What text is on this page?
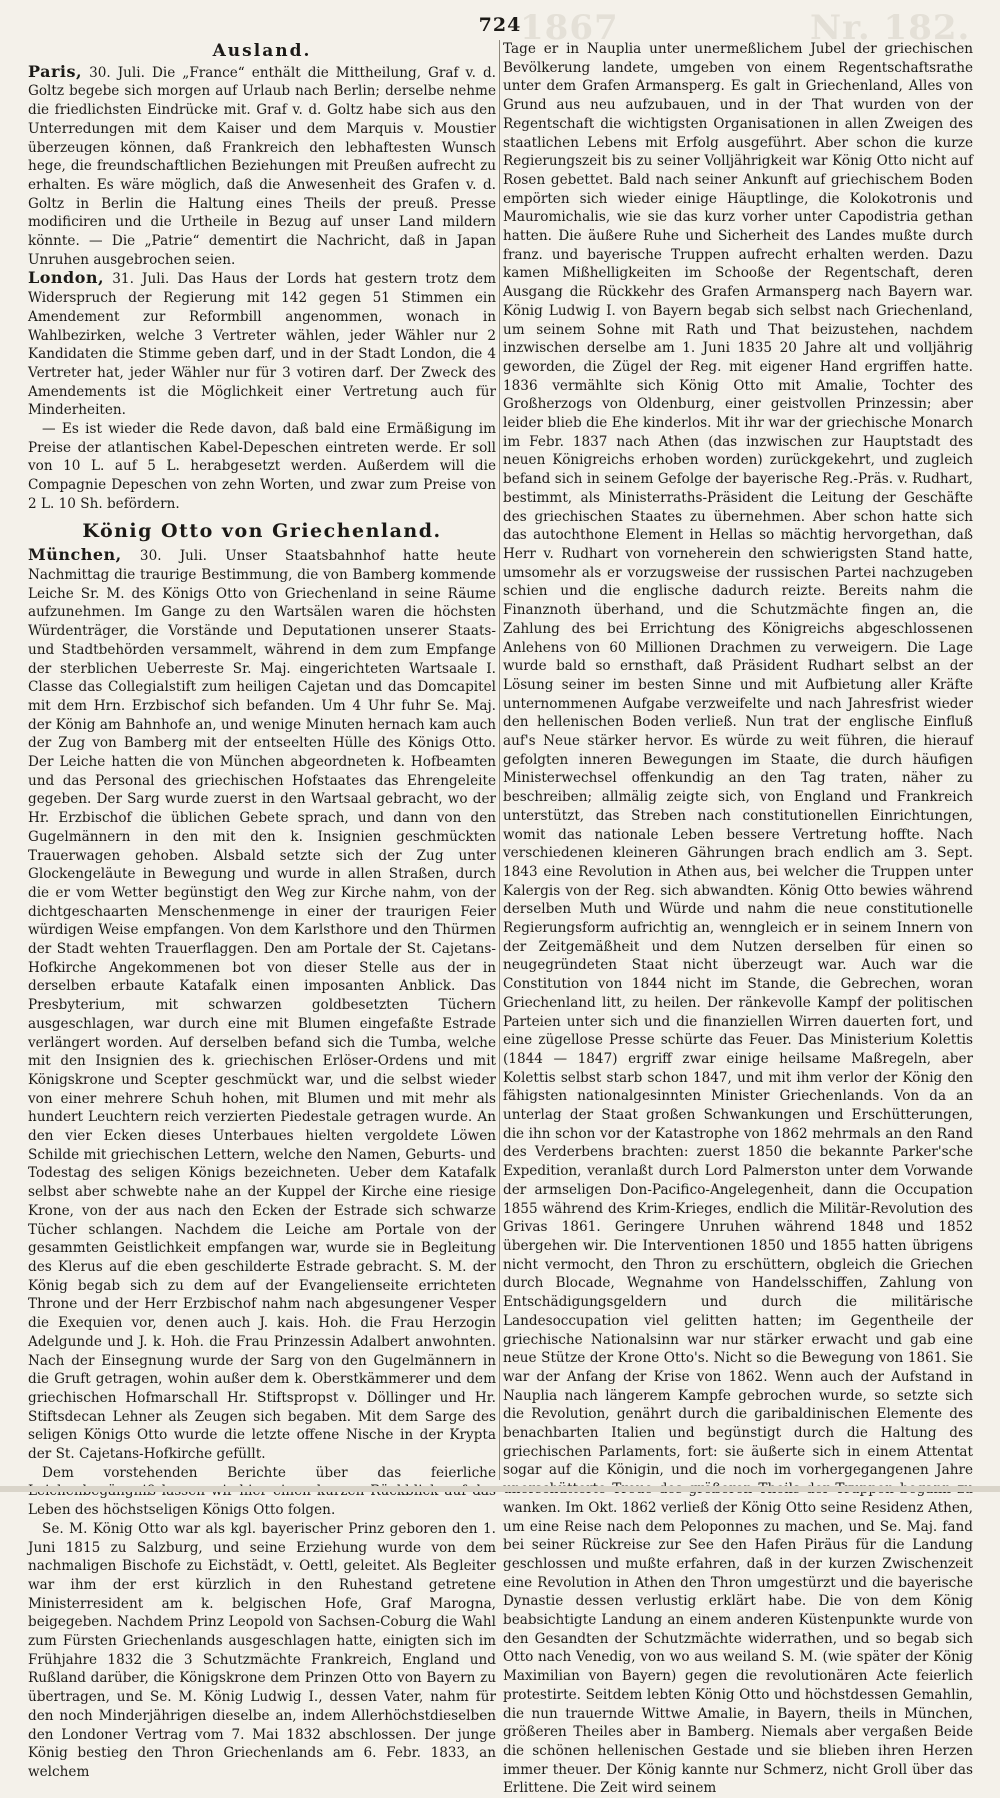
1867	Nr. 182.
724
Ausland.

Paris, 30. Juli. Die „France“ enthält die Mittheilung, Graf v. d. Goltz begebe sich morgen auf Urlaub nach Berlin; derselbe nehme die friedlichsten Eindrücke mit. Graf v. d. Goltz habe sich aus den Unterredungen mit dem Kaiser und dem Marquis v. Moustier überzeugen können, daß Frankreich den lebhaftesten Wunsch hege, die freundschaftlichen Beziehungen mit Preußen aufrecht zu erhalten. Es wäre möglich, daß die Anwesenheit des Grafen v. d. Goltz in Berlin die Haltung eines Theils der preuß. Presse modificiren und die Urtheile in Bezug auf unser Land mildern könnte. — Die „Patrie“ dementirt die Nachricht, daß in Japan Unruhen ausgebrochen seien.

London, 31. Juli. Das Haus der Lords hat gestern trotz dem Widerspruch der Regierung mit 142 gegen 51 Stimmen ein Amendement zur Reformbill angenommen, wonach in Wahlbezirken, welche 3 Vertreter wählen, jeder Wähler nur 2 Kandidaten die Stimme geben darf, und in der Stadt London, die 4 Vertreter hat, jeder Wähler nur für 3 votiren darf. Der Zweck des Amendements ist die Möglichkeit einer Vertretung auch für Minderheiten.

— Es ist wieder die Rede davon, daß bald eine Ermäßigung im Preise der atlantischen Kabel-Depeschen eintreten werde. Er soll von 10 L. auf 5 L. herabgesetzt werden. Außerdem will die Compagnie Depeschen von zehn Worten, und zwar zum Preise von 2 L. 10 Sh. befördern.

König Otto von Griechenland.

München, 30. Juli. Unser Staatsbahnhof hatte heute Nachmittag die traurige Bestimmung, die von Bamberg kommende Leiche Sr. M. des Königs Otto von Griechenland in seine Räume aufzunehmen. Im Gange zu den Wartsälen waren die höchsten Würdenträger, die Vorstände und Deputationen unserer Staats- und Stadtbehörden versammelt, während in dem zum Empfange der sterblichen Ueberreste Sr. Maj. eingerichteten Wartsaale I. Classe das Collegialstift zum heiligen Cajetan und das Domcapitel mit dem Hrn. Erzbischof sich befanden. Um 4 Uhr fuhr Se. Maj. der König am Bahnhofe an, und wenige Minuten hernach kam auch der Zug von Bamberg mit der entseelten Hülle des Königs Otto. Der Leiche hatten die von München abgeordneten k. Hofbeamten und das Personal des griechischen Hofstaates das Ehrengeleite gegeben. Der Sarg wurde zuerst in den Wartsaal gebracht, wo der Hr. Erzbischof die üblichen Gebete sprach, und dann von den Gugelmännern in den mit den k. Insignien geschmückten Trauerwagen gehoben. Alsbald setzte sich der Zug unter Glockengeläute in Bewegung und wurde in allen Straßen, durch die er vom Wetter begünstigt den Weg zur Kirche nahm, von der dichtgeschaarten Menschenmenge in einer der traurigen Feier würdigen Weise empfangen. Von dem Karlsthore und den Thürmen der Stadt wehten Trauerflaggen. Den am Portale der St. Cajetans-Hofkirche Angekommenen bot von dieser Stelle aus der in derselben erbaute Katafalk einen imposanten Anblick. Das Presbyterium, mit schwarzen goldbesetzten Tüchern ausgeschlagen, war durch eine mit Blumen eingefaßte Estrade verlängert worden. Auf derselben befand sich die Tumba, welche mit den Insignien des k. griechischen Erlöser-Ordens und mit Königskrone und Scepter geschmückt war, und die selbst wieder von einer mehrere Schuh hohen, mit Blumen und mit mehr als hundert Leuchtern reich verzierten Piedestale getragen wurde. An den vier Ecken dieses Unterbaues hielten vergoldete Löwen Schilde mit griechischen Lettern, welche den Namen, Geburts- und Todestag des seligen Königs bezeichneten. Ueber dem Katafalk selbst aber schwebte nahe an der Kuppel der Kirche eine riesige Krone, von der aus nach den Ecken der Estrade sich schwarze Tücher schlangen. Nachdem die Leiche am Portale von der gesammten Geistlichkeit empfangen war, wurde sie in Begleitung des Klerus auf die eben geschilderte Estrade gebracht. S. M. der König begab sich zu dem auf der Evangelienseite errichteten Throne und der Herr Erzbischof nahm nach abgesungener Vesper die Exequien vor, denen auch J. kais. Hoh. die Frau Herzogin Adelgunde und J. k. Hoh. die Frau Prinzessin Adalbert anwohnten. Nach der Einsegnung wurde der Sarg von den Gugelmännern in die Gruft getragen, wohin außer dem k. Oberstkämmerer und dem griechischen Hofmarschall Hr. Stiftspropst v. Döllinger und Hr. Stiftsdecan Lehner als Zeugen sich begaben. Mit dem Sarge des seligen Königs Otto wurde die letzte offene Nische in der Krypta der St. Cajetans-Hofkirche gefüllt.

Dem vorstehenden Berichte über das feierliche Leben des höchstseligen Königs Otto folgen.

Se. M. König Otto war als kgl. bayerischer Prinz geboren den 1. Juni 1815 zu Salzburg, und seine Erziehung wurde von dem nachmaligen Bischofe zu Eichstädt, v. Oettl, geleitet. Als Begleiter war ihm der erst kürzlich in den Ruhestand getretene Ministerresident am k. belgischen Hofe, Graf Marogna, beigegeben. Nachdem Prinz Leopold von Sachsen-Coburg die Wahl zum Fürsten Griechenlands ausgeschlagen hatte, einigten sich im Frühjahre 1832 die 3 Schutzmächte Frankreich, England und Rußland darüber, die Königskrone dem Prinzen Otto von Bayern zu übertragen, und Se. M. König Ludwig I., dessen Vater, nahm für den noch Minderjährigen dieselbe an, indem Allerhöchstdieselben den Londoner Vertrag vom 7. Mai 1832 abschlossen. Der junge König bestieg den Thron Griechenlands am 6. Febr. 1833, an welchem

Tage er in Nauplia unter unermeßlichem Jubel der griechischen Bevölkerung landete, umgeben von einem Regentschaftsrathe unter dem Grafen Armansperg. Es galt in Griechenland, Alles von Grund aus neu aufzubauen, und in der That wurden von der Regentschaft die wichtigsten Organisationen in allen Zweigen des staatlichen Lebens mit Erfolg ausgeführt. Aber schon die kurze Regierungszeit bis zu seiner Volljährigkeit war König Otto nicht auf Rosen gebettet. Bald nach seiner Ankunft auf griechischem Boden empörten sich wieder einige Häuptlinge, die Kolokotronis und Mauromichalis, wie sie das kurz vorher unter Capodistria gethan hatten. Die äußere Ruhe und Sicherheit des Landes mußte durch franz. und bayerische Truppen aufrecht erhalten werden. Dazu kamen Mißhelligkeiten im Schooße der Regentschaft, deren Ausgang die Rückkehr des Grafen Armansperg nach Bayern war. König Ludwig I. von Bayern begab sich selbst nach Griechenland, um seinem Sohne mit Rath und That beizustehen, nachdem inzwischen derselbe am 1. Juni 1835 20 Jahre alt und volljährig geworden, die Zügel der Reg. mit eigener Hand ergriffen hatte. 1836 vermählte sich König Otto mit Amalie, Tochter des Großherzogs von Oldenburg, einer geistvollen Prinzessin; aber leider blieb die Ehe kinderlos. Mit ihr war der griechische Monarch im Febr. 1837 nach Athen (das inzwischen zur Hauptstadt des neuen Königreichs erhoben worden) zurückgekehrt, und zugleich befand sich in seinem Gefolge der bayerische Reg.-Präs. v. Rudhart, bestimmt, als Ministerraths-Präsident die Leitung der Geschäfte des griechischen Staates zu übernehmen. Aber schon hatte sich das autochthone Element in Hellas so mächtig hervorgethan, daß Herr v. Rudhart von vorneherein den schwierigsten Stand hatte, umsomehr als er vorzugsweise der russischen Partei nachzugeben schien und die englische dadurch reizte. Bereits nahm die Finanznoth überhand, und die Schutzmächte fingen an, die Zahlung des bei Errichtung des Königreichs abgeschlossenen Anlehens von 60 Millionen Drachmen zu verweigern. Die Lage wurde bald so ernsthaft, daß Präsident Rudhart selbst an der Lösung seiner im besten Sinne und mit Aufbietung aller Kräfte unternommenen Aufgabe verzweifelte und nach Jahresfrist wieder den hellenischen Boden verließ. Nun trat der englische Einfluß auf's Neue stärker hervor. Es würde zu weit führen, die hierauf gefolgten inneren Bewegungen im Staate, die durch häufigen Ministerwechsel offenkundig an den Tag traten, näher zu beschreiben; allmälig zeigte sich, von England und Frankreich unterstützt, das Streben nach constitutionellen Einrichtungen, womit das nationale Leben bessere Vertretung hoffte. Nach verschiedenen kleineren Gährungen brach endlich am 3. Sept. 1843 eine Revolution in Athen aus, bei welcher die Truppen unter Kalergis von der Reg. sich abwandten. König Otto bewies während derselben Muth und Würde und nahm die neue constitutionelle Regierungsform aufrichtig an, wenngleich er in seinem Innern von der Zeitgemäßheit und dem Nutzen derselben für einen so neugegründeten Staat nicht überzeugt war. Auch war die Constitution von 1844 nicht im Stande, die Gebrechen, woran Griechenland litt, zu heilen. Der ränkevolle Kampf der politischen Parteien unter sich und die finanziellen Wirren dauerten fort, und eine zügellose Presse schürte das Feuer. Das Ministerium Kolettis (1844 — 1847) ergriff zwar einige heilsame Maßregeln, aber Kolettis selbst starb schon 1847, und mit ihm verlor der König den fähigsten nationalgesinnten Minister Griechenlands. Von da an unterlag der Staat großen Schwankungen und Erschütterungen, die ihn schon vor der Katastrophe von 1862 mehrmals an den Rand des Verderbens brachten: zuerst 1850 die bekannte Parker'sche Expedition, veranlaßt durch Lord Palmerston unter dem Vorwande der armseligen Don-Pacifico-Angelegenheit, dann die Occupation 1855 während des Krim-Krieges, endlich die Militär-Revolution des Grivas 1861. Geringere Unruhen während 1848 und 1852 übergehen wir. Die Interventionen 1850 und 1855 hatten übrigens nicht vermocht, den Thron zu erschüttern, obgleich die Griechen durch Blocade, Wegnahme von Handelsschiffen, Zahlung von Entschädigungsgeldern und durch die militärische Landesoccupation viel gelitten hatten; im Gegentheile der griechische Nationalsinn war nur stärker erwacht und gab eine neue Stütze der Krone Otto's. Nicht so die Bewegung von 1861. Sie war der Anfang der Krise von 1862. Wenn auch der Aufstand in Nauplia nach längerem Kampfe gebrochen wurde, so setzte sich die Revolution, genährt durch die garibaldinischen Elemente des benachbarten Italien und begünstigt durch die Haltung des griechischen Parlaments, fort: sie äußerte sich in einem Attentat sogar auf die Königin, und die noch im vorhergegangenen Jahre wanken. Im Okt. 1862 verließ der König Otto seine Residenz Athen, um eine Reise nach dem Peloponnes zu machen, und Se. Maj. fand bei seiner Rückreise zur See den Hafen Piräus für die Landung geschlossen und mußte erfahren, daß in der kurzen Zwischenzeit eine Revolution in Athen den Thron umgestürzt und die bayerische Dynastie dessen verlustig erklärt habe. Die von dem König beabsichtigte Landung an einem anderen Küstenpunkte wurde von den Gesandten der Schutzmächte widerrathen, und so begab sich Otto nach Venedig, von wo aus weiland S. M. (wie später der König Maximilian von Bayern) gegen die revolutionären Acte feierlich protestirte. Seitdem lebten König Otto und höchstdessen Gemahlin, die nun trauernde Wittwe Amalie, in Bayern, theils in München, größeren Theiles aber in Bamberg. Niemals aber vergaßen Beide die schönen hellenischen Gestade und sie blieben ihren Herzen immer theuer. Der König kannte nur Schmerz, nicht Groll über das Erlittene. Die Zeit wird seinem
